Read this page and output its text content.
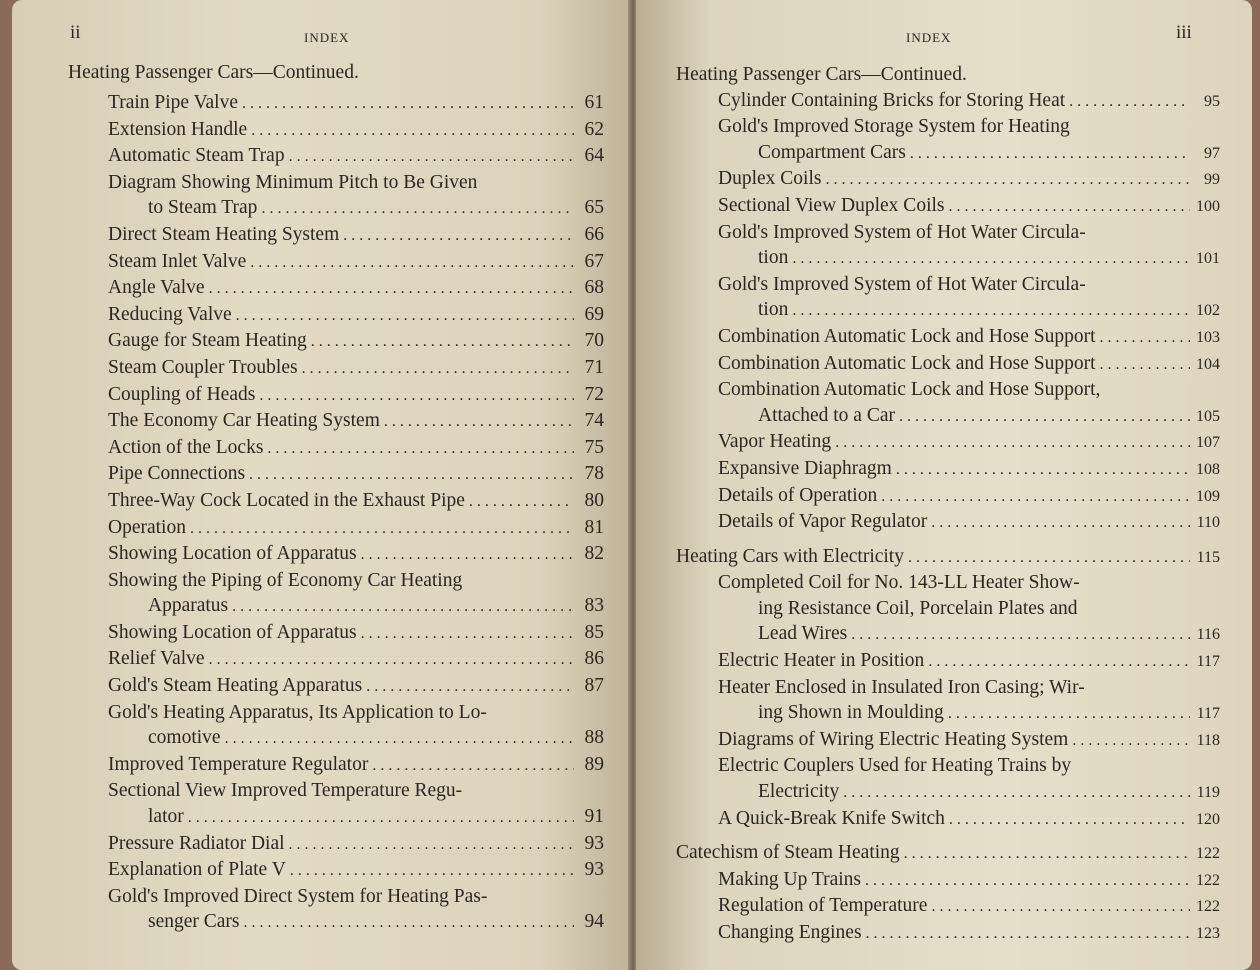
ii	INDEX
Heating Passenger Cars—Continued.
Train Pipe Valve . . .	61
Extension Handle . . .	62
Automatic Steam Trap . . .	64
Diagram Showing Minimum Pitch to Be Given
to Steam Trap . . .	65
Direct Steam Heating System . . .	66
Steam Inlet Valve . . .	67
Angle Valve . . .	68
Reducing Valve . . .	69
Gauge for Steam Heating . . .	70
Steam Coupler Troubles . . .	71
Coupling of Heads . . .	72
The Economy Car Heating System . . .	74
Action of the Locks . . .	75
Pipe Connections . . .	78
Three-Way Cock Located in the Exhaust Pipe . . .	80
Operation . . .	81
Showing Location of Apparatus . . .	82
Showing the Piping of Economy Car Heating
Apparatus . . .	83
Showing Location of Apparatus . . .	85
Relief Valve . . .	86
Gold's Steam Heating Apparatus . . .	87
Gold's Heating Apparatus, Its Application to Lo-
comotive . . .	88
Improved Temperature Regulator . . .	89
Sectional View Improved Temperature Regu-
lator . . .	91
Pressure Radiator Dial . . .	93
Explanation of Plate V . . .	93
Gold's Improved Direct System for Heating Pas-
senger Cars . . .	94
INDEX	iii
Heating Passenger Cars—Continued.
Cylinder Containing Bricks for Storing Heat . . .	95
Gold's Improved Storage System for Heating
Compartment Cars . . .	97
Duplex Coils . . .	99
Sectional View Duplex Coils . . .	100
Gold's Improved System of Hot Water Circula-
tion . . .	101
Gold's Improved System of Hot Water Circula-
tion . . .	102
Combination Automatic Lock and Hose Support . . .	103
Combination Automatic Lock and Hose Support . . .	104
Combination Automatic Lock and Hose Support,
Attached to a Car . . .	105
Vapor Heating . . .	107
Expansive Diaphragm . . .	108
Details of Operation . . .	109
Details of Vapor Regulator . . .	110
Heating Cars with Electricity . . .	115
Completed Coil for No. 143-LL Heater Show-
ing Resistance Coil, Porcelain Plates and
Lead Wires . . .	116
Electric Heater in Position . . .	117
Heater Enclosed in Insulated Iron Casing; Wir-
ing Shown in Moulding . . .	117
Diagrams of Wiring Electric Heating System . . .	118
Electric Couplers Used for Heating Trains by
Electricity . . .	119
A Quick-Break Knife Switch . . .	120
Catechism of Steam Heating . . .	122
Making Up Trains . . .	122
Regulation of Temperature . . .	122
Changing Engines . . .	123
